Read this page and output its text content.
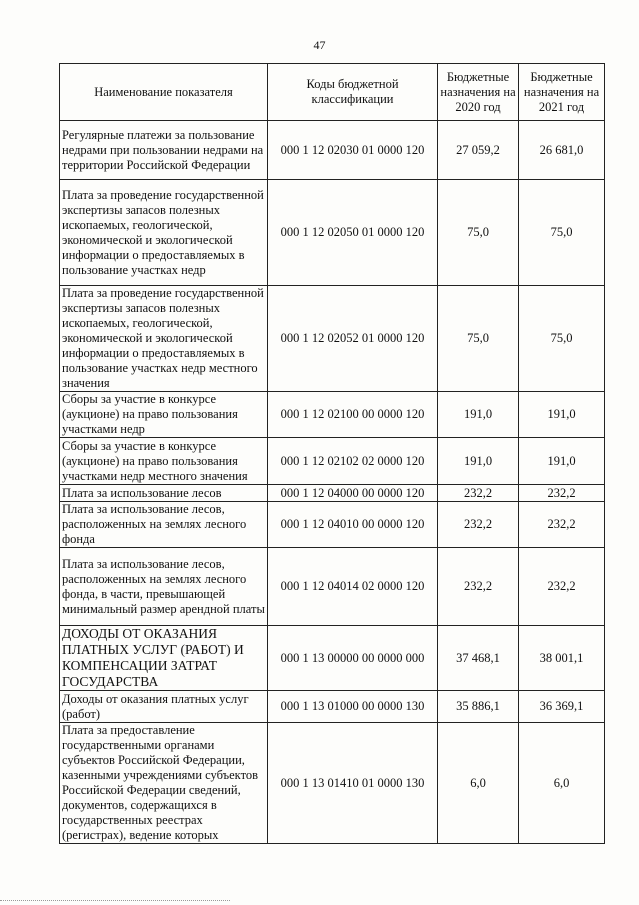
47
Наименование показателя	Коды бюджетной классификации	Бюджетные назначения на 2020 год	Бюджетные назначения на 2021 год
Регулярные платежи за пользование недрами при пользовании недрами на территории Российской Федерации	000 1 12 02030 01 0000 120	27 059,2	26 681,0
Плата за проведение государственной экспертизы запасов полезных ископаемых, геологической, экономической и экологической информации о предоставляемых в пользование участках недр	000 1 12 02050 01 0000 120	75,0	75,0
Плата за проведение государственной экспертизы запасов полезных ископаемых, геологической, экономической и экологической информации о предоставляемых в пользование участках недр местного значения	000 1 12 02052 01 0000 120	75,0	75,0
Сборы за участие в конкурсе (аукционе) на право пользования участками недр	000 1 12 02100 00 0000 120	191,0	191,0
Сборы за участие в конкурсе (аукционе) на право пользования участками недр местного значения	000 1 12 02102 02 0000 120	191,0	191,0
Плата за использование лесов	000 1 12 04000 00 0000 120	232,2	232,2
Плата за использование лесов, расположенных на землях лесного фонда	000 1 12 04010 00 0000 120	232,2	232,2
Плата за использование лесов, расположенных на землях лесного фонда, в части, превышающей минимальный размер арендной платы	000 1 12 04014 02 0000 120	232,2	232,2
ДОХОДЫ ОТ ОКАЗАНИЯ ПЛАТНЫХ УСЛУГ (РАБОТ) И КОМПЕНСАЦИИ ЗАТРАТ ГОСУДАРСТВА	000 1 13 00000 00 0000 000	37 468,1	38 001,1
Доходы от оказания платных услуг (работ)	000 1 13 01000 00 0000 130	35 886,1	36 369,1
Плата за предоставление государственными органами субъектов Российской Федерации, казенными учреждениями субъектов Российской Федерации сведений, документов, содержащихся в государственных реестрах (регистрах), ведение которых	000 1 13 01410 01 0000 130	6,0	6,0
